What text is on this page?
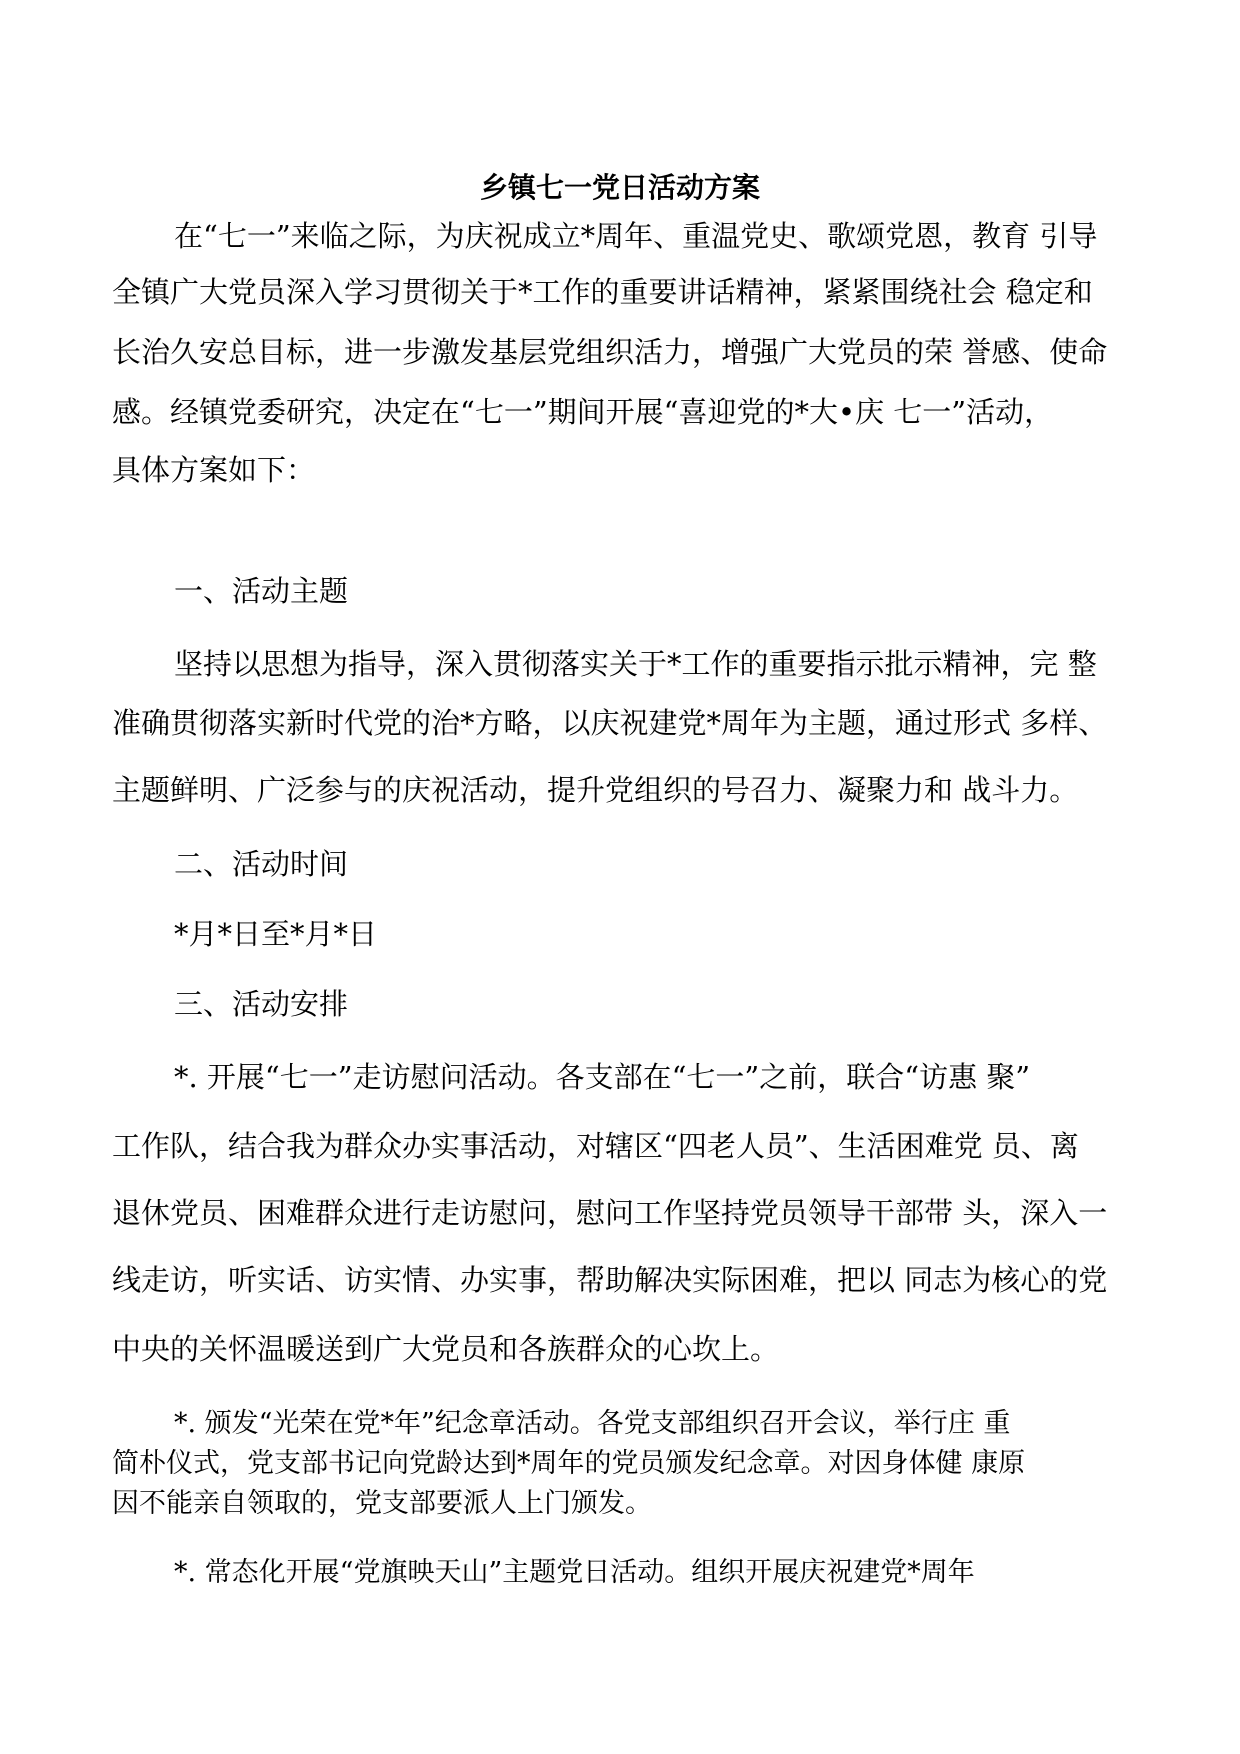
乡镇七一党日活动方案
在“七一”来临之际，为庆祝成立*周年、重温党史、歌颂党恩，教育 引导
全镇广大党员深入学习贯彻关于*工作的重要讲话精神，紧紧围绕社会 稳定和
长治久安总目标，进一步激发基层党组织活力，增强广大党员的荣 誉感、使命
感。经镇党委研究，决定在“七一”期间开展“喜迎党的*大•庆 七一”活动，
具体方案如下：
一、活动主题
坚持以思想为指导，深入贯彻落实关于*工作的重要指示批示精神，完 整
准确贯彻落实新时代党的治*方略，以庆祝建党*周年为主题，通过形式 多样、
主题鲜明、广泛参与的庆祝活动，提升党组织的号召力、凝聚力和 战斗力。
二、活动时间
*月*日至*月*日
三、活动安排
*. 开展“七一”走访慰问活动。各支部在“七一”之前，联合“访惠 聚”
工作队，结合我为群众办实事活动，对辖区“四老人员”、生活困难党 员、离
退休党员、困难群众进行走访慰问，慰问工作坚持党员领导干部带 头，深入一
线走访，听实话、访实情、办实事，帮助解决实际困难，把以 同志为核心的党
中央的关怀温暖送到广大党员和各族群众的心坎上。
*. 颁发“光荣在党*年”纪念章活动。各党支部组织召开会议，举行庄 重
简朴仪式，党支部书记向党龄达到*周年的党员颁发纪念章。对因身体健 康原
因不能亲自领取的，党支部要派人上门颁发。
*. 常态化开展“党旗映天山”主题党日活动。组织开展庆祝建党*周年
